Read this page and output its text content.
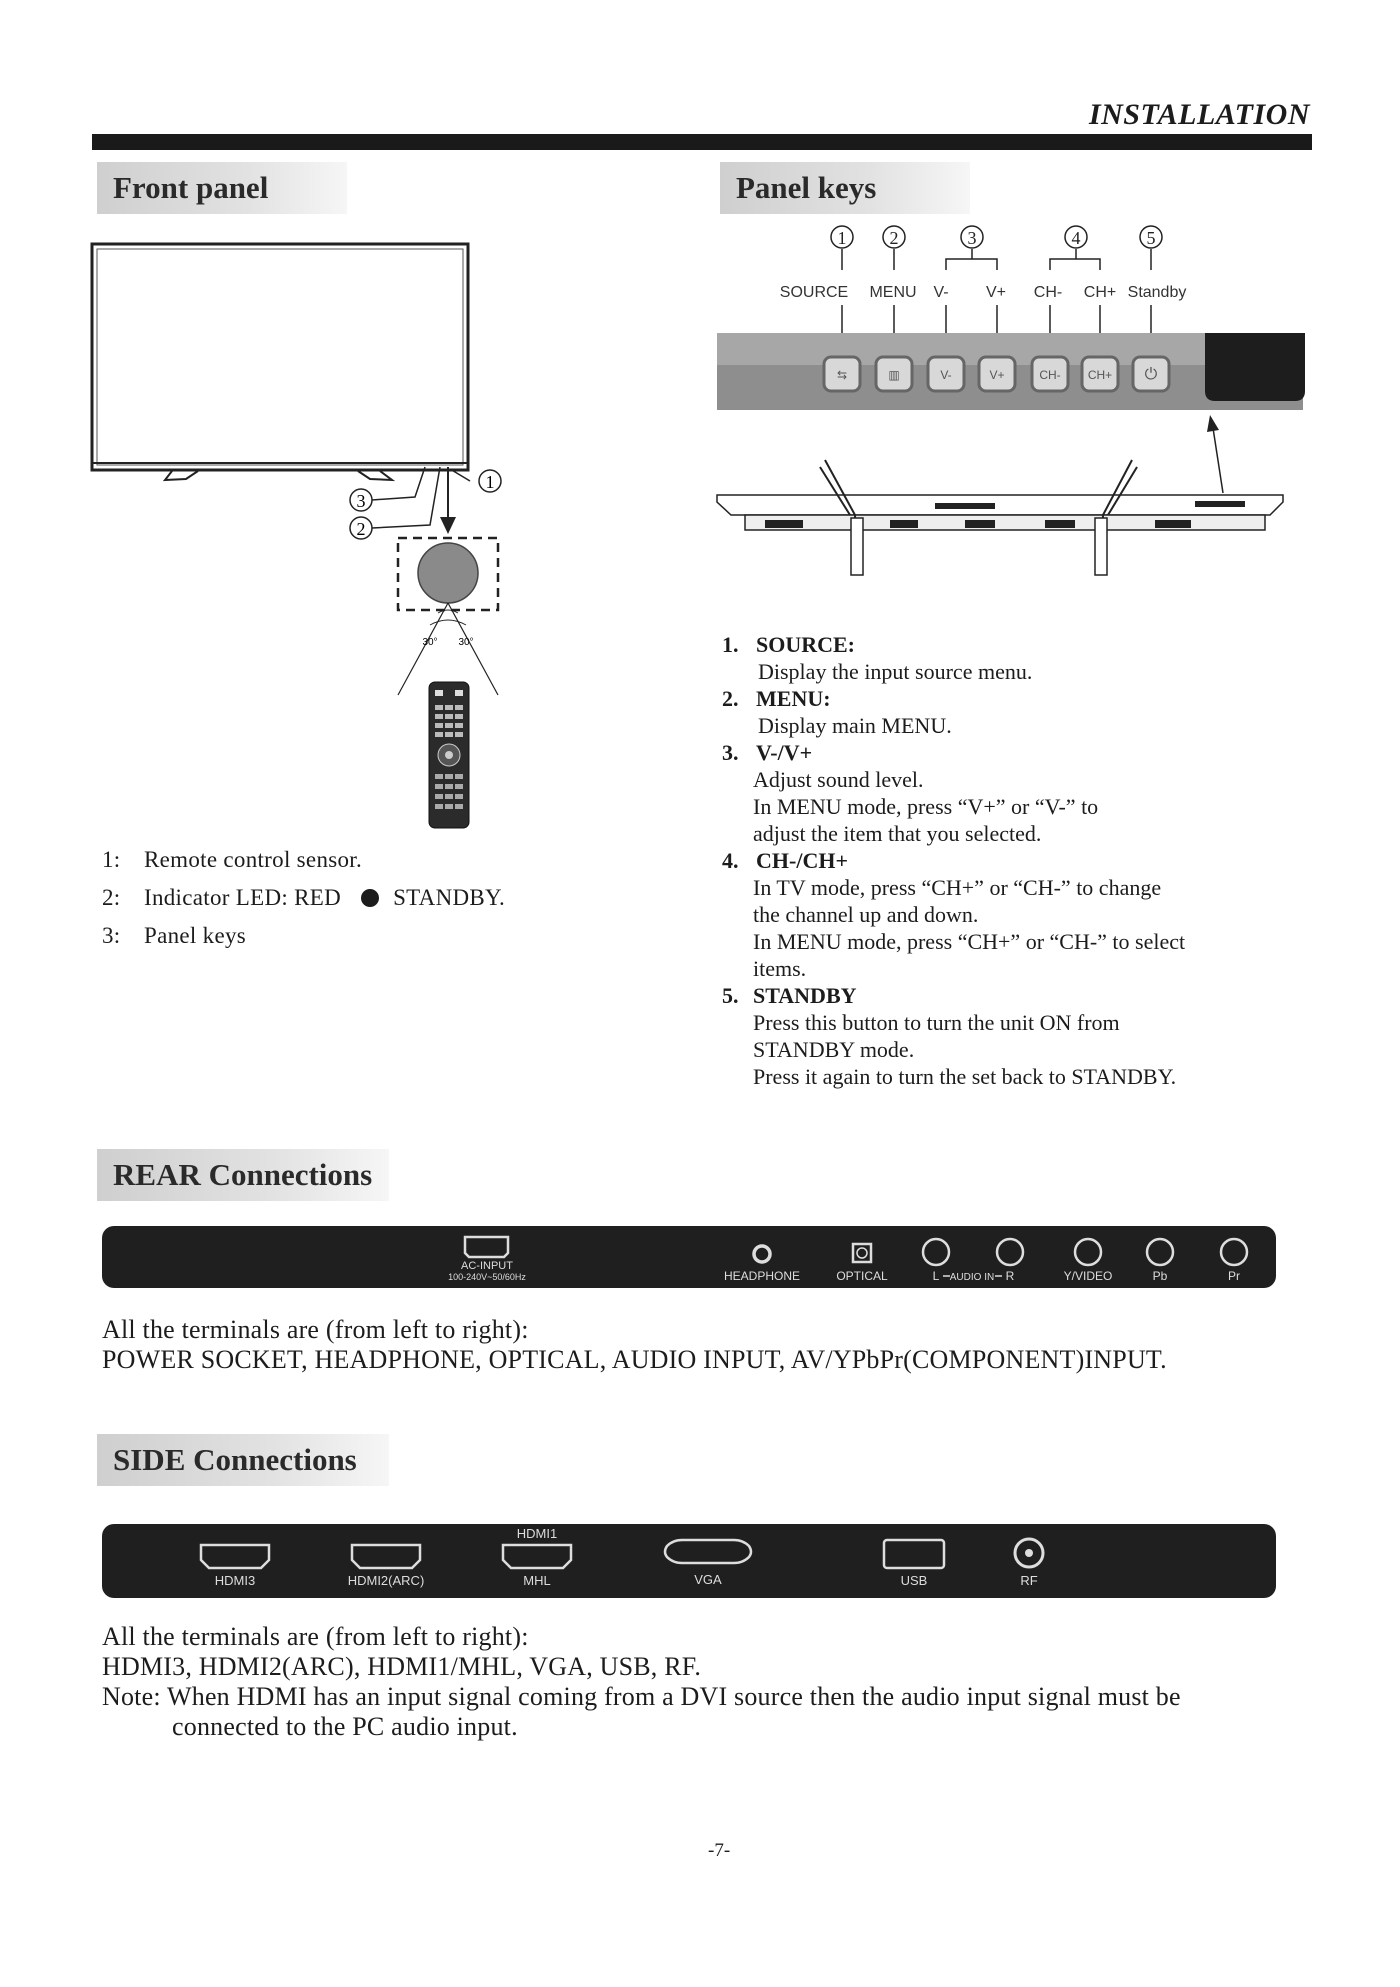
INSTALLATION
Front panel
1
3
2
30° 30°
1: Remote control sensor.
2: Indicator LED: RED STANDBY.
3: Panel keys
Panel keys
1 2	3	4	5
SOURCE MENU V- V+ CH- CH+ Standby
⇆	▥	V-	V+	CH- CH+ ⏻
1. SOURCE:
Display the input source menu.
2. MENU:
Display main MENU.
3. V-/V+
Adjust sound level.
In MENU mode, press “V+” or “V-” to
adjust the item that you selected.
4. CH-/CH+
In TV mode, press “CH+” or “CH-” to change
the channel up and down.
In MENU mode, press “CH+” or “CH-” to select
items.
5. STANDBY
Press this button to turn the unit ON from
STANDBY mode.
Press it again to turn the set back to STANDBY.
REAR Connections
AC-INPUT
100-240V~50/60Hz	HEADPHONE	OPTICAL	L AUDIO IN R	Y/VIDEO	Pb	Pr
All the terminals are (from left to right):
POWER SOCKET, HEADPHONE, OPTICAL, AUDIO INPUT, AV/YPbPr(COMPONENT)INPUT.
SIDE Connections
HDMI3	HDMI2(ARC)
HDMI1
MHL	VGA	USB	RF
All the terminals are (from left to right):
HDMI3, HDMI2(ARC), HDMI1/MHL, VGA, USB, RF.
Note: When HDMI has an input signal coming from a DVI source then the audio input signal must be
connected to the PC audio input.
-7-
